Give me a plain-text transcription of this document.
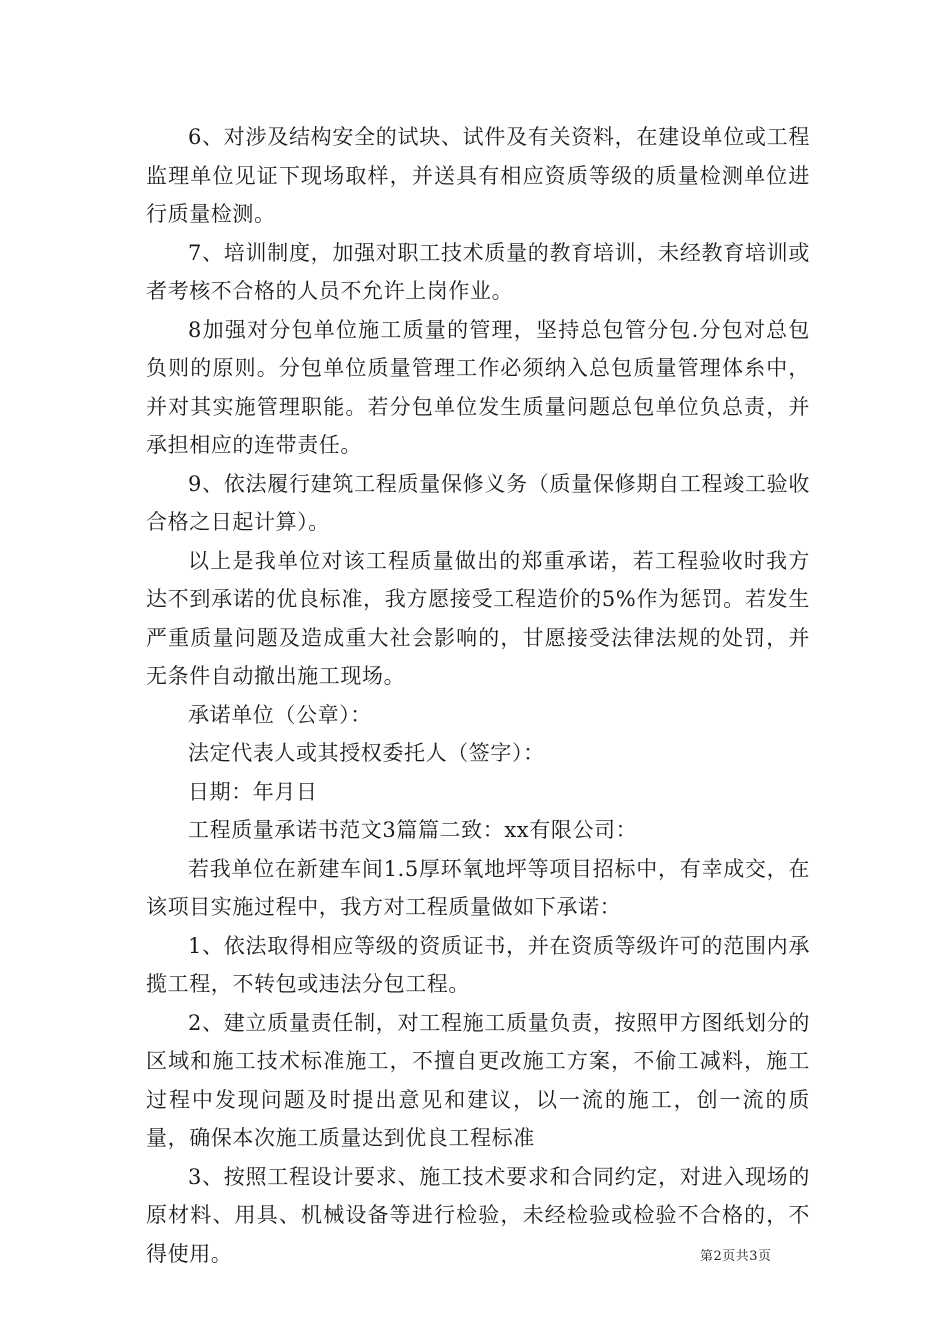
6、对涉及结构安全的试块、试件及有关资料，在建设单位或工程监理单位见证下现场取样，并送具有相应资质等级的质量检测单位进行质量检测。

7、培训制度，加强对职工技术质量的教育培训，未经教育培训或者考核不合格的人员不允许上岗作业。

8加强对分包单位施工质量的管理，坚持总包管分包.分包对总包负则的原则。分包单位质量管理工作必须纳入总包质量管理体糸中，并对其实施管理职能。若分包单位发生质量问题总包单位负总责，并承担相应的连带责任。

9、依法履行建筑工程质量保修义务（质量保修期自工程竣工验收合格之日起计算）。

以上是我单位对该工程质量做出的郑重承诺，若工程验收时我方达不到承诺的优良标准，我方愿接受工程造价的5%作为惩罚。若发生严重质量问题及造成重大社会影响的，甘愿接受法律法规的处罚，并无条件自动撤出施工现场。

承诺单位（公章）：

法定代表人或其授权委托人（签字）：

日期：年月日

工程质量承诺书范文3篇篇二致：xx有限公司：

若我单位在新建车间1.5厚环氧地坪等项目招标中，有幸成交，在该项目实施过程中，我方对工程质量做如下承诺：

1、依法取得相应等级的资质证书，并在资质等级许可的范围内承揽工程，不转包或违法分包工程。

2、建立质量责任制，对工程施工质量负责，按照甲方图纸划分的区域和施工技术标准施工，不擅自更改施工方案，不偷工减料，施工过程中发现问题及时提出意见和建议，以一流的施工，创一流的质量，确保本次施工质量达到优良工程标准

3、按照工程设计要求、施工技术要求和合同约定，对进入现场的原材料、用具、机械设备等进行检验，未经检验或检验不合格的，不得使用。	第2页共3页
